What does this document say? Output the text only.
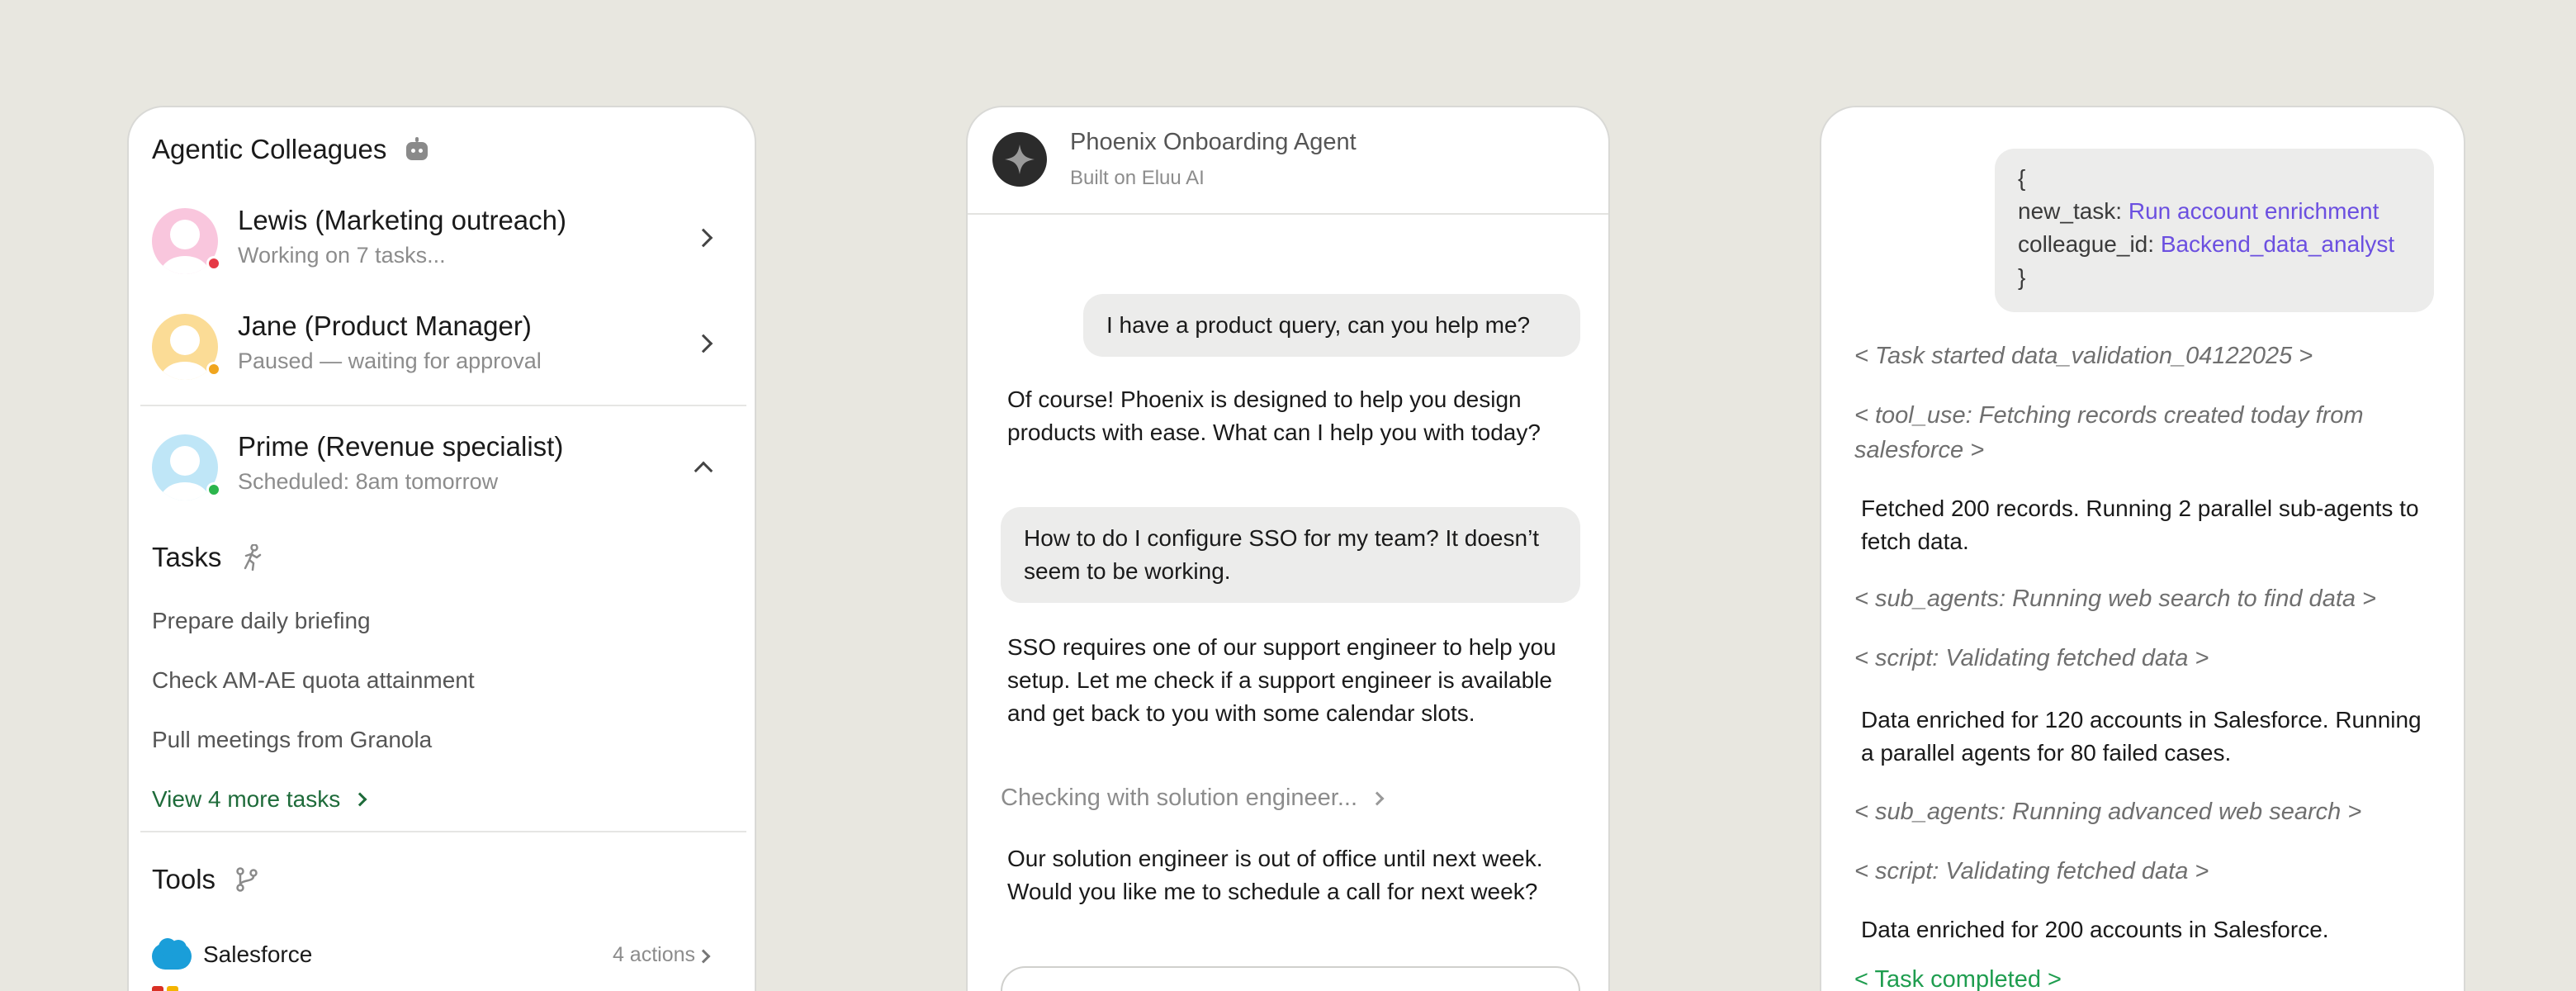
Agentic Colleagues
Lewis (Marketing outreach)
Working on 7 tasks...
Jane (Product Manager)
Paused — waiting for approval
Prime (Revenue specialist)
Scheduled: 8am tomorrow
Tasks
Prepare daily briefing
Check AM-AE quota attainment
Pull meetings from Granola
View 4 more tasks
Tools
Salesforce	4 actions
Phoenix Onboarding Agent
Built on Eluu AI
I have a product query, can you help me?
Of course! Phoenix is designed to help you design products with ease. What can I help you with today?
How to do I configure SSO for my team? It doesn’t seem to be working.
SSO requires one of our support engineer to help you setup. Let me check if a support engineer is available and get back to you with some calendar slots.
Checking with solution engineer...
Our solution engineer is out of office until next week. Would you like me to schedule a call for next week?
{
new_task: Run account enrichment
colleague_id: Backend_data_analyst
}
< Task started data_validation_04122025 >
< tool_use: Fetching records created today from salesforce >
Fetched 200 records. Running 2 parallel sub-agents to fetch data.
< sub_agents: Running web search to find data >
< script: Validating fetched data >
Data enriched for 120 accounts in Salesforce. Running a parallel agents for 80 failed cases.
< sub_agents: Running advanced web search >
< script: Validating fetched data >
Data enriched for 200 accounts in Salesforce.
< Task completed >
